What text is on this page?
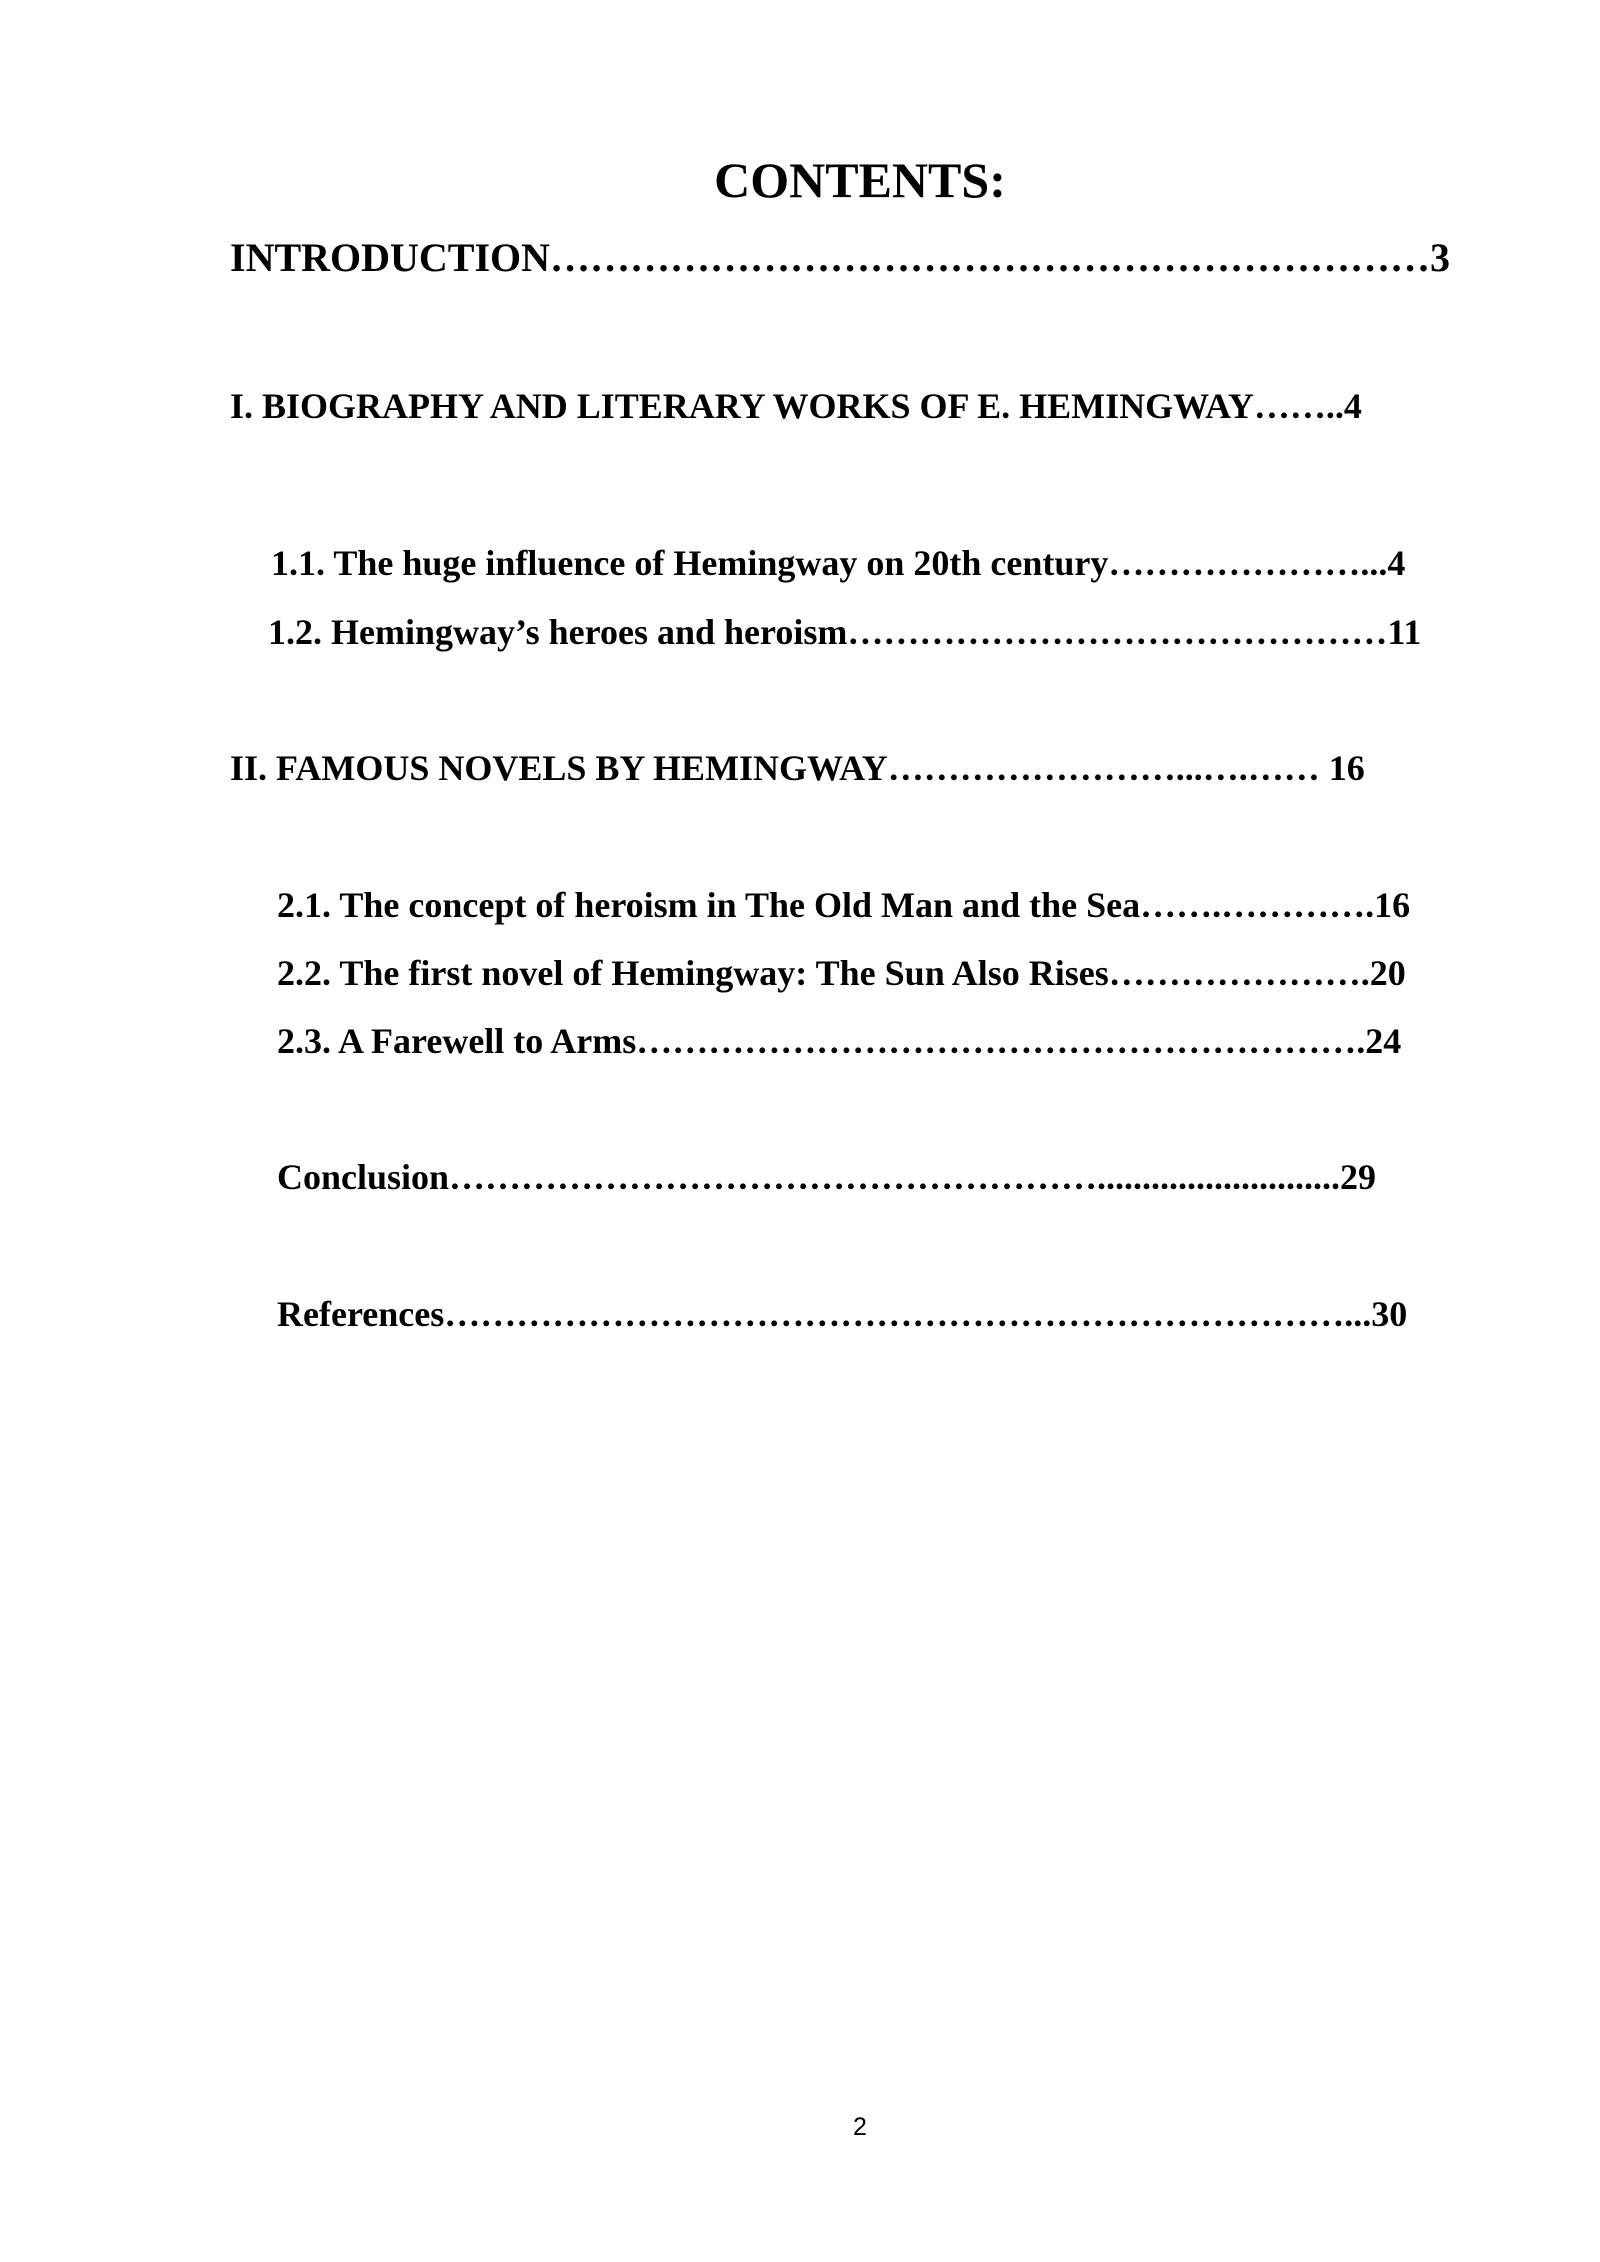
CONTENTS:
INTRODUCTION…………………………………………………………3
I. BIOGRAPHY AND LITERARY WORKS OF E. HEMINGWAY……..4
1.1. The huge influence of Hemingway on 20th century…………………...4
1.2. Hemingway’s heroes and heroism………………………………………11
II. FAMOUS NOVELS BY HEMINGWAY……………………...….…… 16
2.1. The concept of heroism in The Old Man and the Sea…….………….16
2.2. The first novel of Hemingway: The Sun Also Rises………………….20
2.3. A Farewell to Arms…………………………………………………….24
Conclusion………………………………………………...........................29
References…………………………………………………………………...30
2
